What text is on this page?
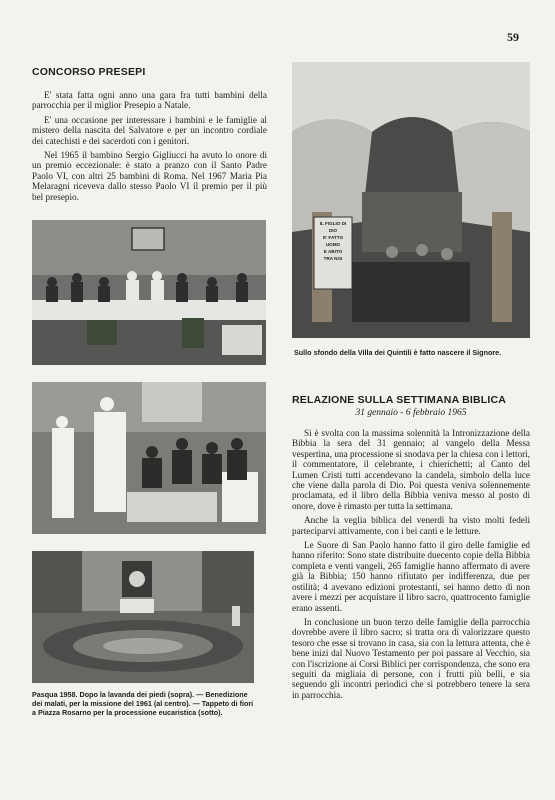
59
CONCORSO PRESEPI

E' stata fatta ogni anno una gara fra tutti bambini della parrocchia per il miglior Presepio a Natale.

E' una occasione per interessare i bambini e le famiglie al mistero della nascita del Salvatore e per un incontro cordiale dei catechisti e dei sacerdoti con i genitori.

Nel 1965 il bambino Sergio Gigliucci ha avuto lo onore di un premio eccezionale: è stato a pranzo con il Santo Padre Paolo VI, con altri 25 bambini di Roma. Nel 1967 Maria Pia Melaragni riceveva dallo stesso Paolo VI il premio per il più bel presepio.

IL FIGLIO DI DIO
E' FATTO UOMO
E ABITO
TRA NOI
Sullo sfondo della Villa dei Quintili è fatto nascere il Signore.
Pasqua 1958. Dopo la lavanda dei piedi (sopra). — Benedizione dei malati, per la missione del 1961 (al centro). — Tappeto di fiori a Piazza Rosarno per la processione eucaristica (sotto).
RELAZIONE SULLA SETTIMANA BIBLICA
31 gennaio - 6 febbraio 1965

Si è svolta con la massima solennità la Intronizzazione della Bibbia la sera del 31 gennaio; al vangelo della Messa vespertina, una processione si snodava per la chiesa con i lettori, il commentatore, il celebrante, i chierichetti; al Canto del Lumen Cristi tutti accendevano la candela, simbolo della luce che viene dalla parola di Dio. Poi questa veniva solennemente proclamata, ed il libro della Bibbia veniva messo al posto di onore, dove è rimasto per tutta la settimana.

Anche la veglia biblica del venerdì ha visto molti fedeli parteciparvi attivamente, con i bei canti e le letture.

Le Suore di San Paolo hanno fatto il giro delle famiglie ed hanno riferito: Sono state distribuite duecento copie della Bibbia completa e venti vangeli, 265 famiglie hanno affermato di avere già la Bibbia; 150 hanno rifiutato per indifferenza, due per ostilità; 4 avevano edizioni protestanti, sei hanno detto di non avere i mezzi per acquistare il libro sacro, quattrocento famiglie erano assenti.

In conclusione un buon terzo delle famiglie della parrocchia dovrebbe avere il libro sacro; si tratta ora di valorizzare questo tesoro che esse si trovano in casa, sia con la lettura attenta, che è bene inizi dal Nuovo Testamento per poi passare al Vecchio, sia con l'iscrizione ai Corsi Biblici per corrispondenza, che sono era seguiti da migliaia di persone, con i frutti più belli, e sia seguendo gli incontri periodici che si potrebbero tenere la sera in parrocchia.
